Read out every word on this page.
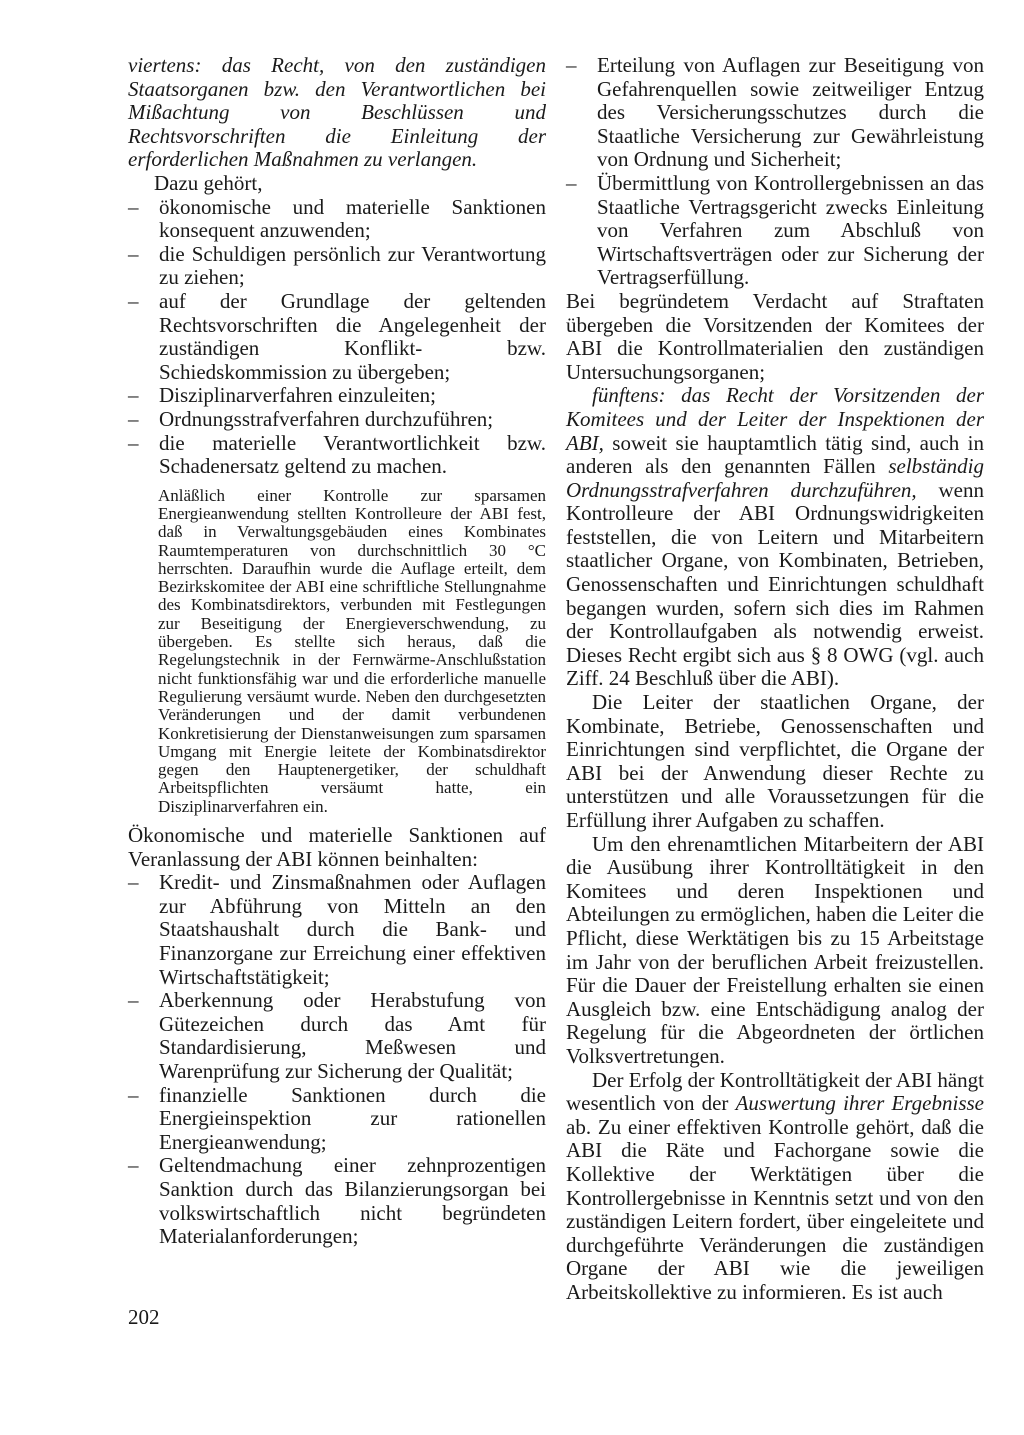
viertens: das Recht, von den zuständigen Staatsorganen bzw. den Verantwortlichen bei Mißachtung von Beschlüssen und Rechtsvorschriften die Einleitung der erforderlichen Maßnahmen zu verlangen.

Dazu gehört,

– ökonomische und materielle Sanktionen konsequent anzuwenden;
– die Schuldigen persönlich zur Verantwortung zu ziehen;
– auf der Grundlage der geltenden Rechtsvorschriften die Angelegenheit der zuständigen Konflikt- bzw. Schiedskommission zu übergeben;
– Disziplinarverfahren einzuleiten;
– Ordnungsstrafverfahren durchzuführen;
– die materielle Verantwortlichkeit bzw. Schadenersatz geltend zu machen.

Anläßlich einer Kontrolle zur sparsamen Energieanwendung stellten Kontrolleure der ABI fest, daß in Verwaltungsgebäuden eines Kombinates Raumtemperaturen von durchschnittlich 30 °C herrschten. Daraufhin wurde die Auflage erteilt, dem Bezirkskomitee der ABI eine schriftliche Stellungnahme des Kombinatsdirektors, verbunden mit Festlegungen zur Beseitigung der Energieverschwendung, zu übergeben. Es stellte sich heraus, daß die Regelungstechnik in der Fernwärme-Anschlußstation nicht funktionsfähig war und die erforderliche manuelle Regulierung versäumt wurde. Neben den durchgesetzten Veränderungen und der damit verbundenen Konkretisierung der Dienstanweisungen zum sparsamen Umgang mit Energie leitete der Kombinatsdirektor gegen den Hauptenergetiker, der schuldhaft Arbeitspflichten versäumt hatte, ein Disziplinarverfahren ein.

Ökonomische und materielle Sanktionen auf Veranlassung der ABI können beinhalten:

– Kredit- und Zinsmaßnahmen oder Auflagen zur Abführung von Mitteln an den Staatshaushalt durch die Bank- und Finanzorgane zur Erreichung einer effektiven Wirtschaftstätigkeit;
– Aberkennung oder Herabstufung von Gütezeichen durch das Amt für Standardisierung, Meßwesen und Warenprüfung zur Sicherung der Qualität;
– finanzielle Sanktionen durch die Energieinspektion zur rationellen Energieanwendung;
– Geltendmachung einer zehnprozentigen Sanktion durch das Bilanzierungsorgan bei volkswirtschaftlich nicht begründeten Materialanforderungen;
– Erteilung von Auflagen zur Beseitigung von Gefahrenquellen sowie zeitweiliger Entzug des Versicherungsschutzes durch die Staatliche Versicherung zur Gewährleistung von Ordnung und Sicherheit;
– Übermittlung von Kontrollergebnissen an das Staatliche Vertragsgericht zwecks Einleitung von Verfahren zum Abschluß von Wirtschaftsverträgen oder zur Sicherung der Vertragserfüllung.

Bei begründetem Verdacht auf Straftaten übergeben die Vorsitzenden der Komitees der ABI die Kontrollmaterialien den zuständigen Untersuchungsorganen;

fünftens: das Recht der Vorsitzenden der Komitees und der Leiter der Inspektionen der ABI, soweit sie hauptamtlich tätig sind, auch in anderen als den genannten Fällen selbständig Ordnungsstrafverfahren durchzuführen, wenn Kontrolleure der ABI Ordnungswidrigkeiten feststellen, die von Leitern und Mitarbeitern staatlicher Organe, von Kombinaten, Betrieben, Genossenschaften und Einrichtungen schuldhaft begangen wurden, sofern sich dies im Rahmen der Kontrollaufgaben als notwendig erweist. Dieses Recht ergibt sich aus § 8 OWG (vgl. auch Ziff. 24 Beschluß über die ABI).

Die Leiter der staatlichen Organe, der Kombinate, Betriebe, Genossenschaften und Einrichtungen sind verpflichtet, die Organe der ABI bei der Anwendung dieser Rechte zu unterstützen und alle Voraussetzungen für die Erfüllung ihrer Aufgaben zu schaffen.

Um den ehrenamtlichen Mitarbeitern der ABI die Ausübung ihrer Kontrolltätigkeit in den Komitees und deren Inspektionen und Abteilungen zu ermöglichen, haben die Leiter die Pflicht, diese Werktätigen bis zu 15 Arbeitstage im Jahr von der beruflichen Arbeit freizustellen. Für die Dauer der Freistellung erhalten sie einen Ausgleich bzw. eine Entschädigung analog der Regelung für die Abgeordneten der örtlichen Volksvertretungen.

Der Erfolg der Kontrolltätigkeit der ABI hängt wesentlich von der Auswertung ihrer Ergebnisse ab. Zu einer effektiven Kontrolle gehört, daß die ABI die Räte und Fachorgane sowie die Kollektive der Werktätigen über die Kontrollergebnisse in Kenntnis setzt und von den zuständigen Leitern fordert, über eingeleitete und durchgeführte Veränderungen die zuständigen Organe der ABI wie die jeweiligen Arbeitskollektive zu informieren. Es ist auch

202
